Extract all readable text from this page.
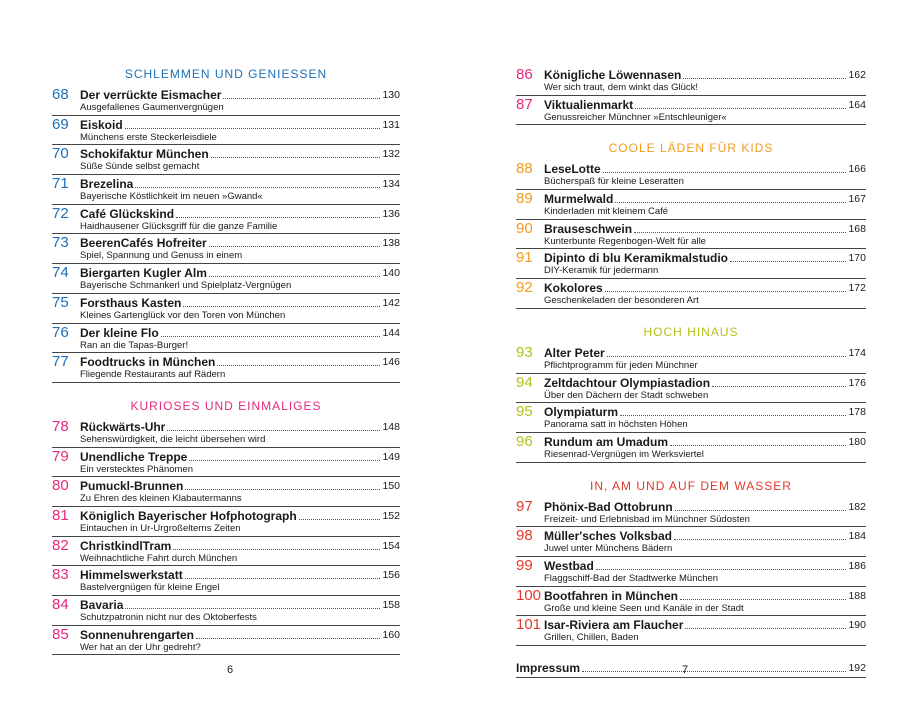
SCHLEMMEN UND GENIESSEN
68 Der verrückte Eismacher	130
Ausgefallenes Gaumenvergnügen
69 Eiskoid	131
Münchens erste Steckerleisdiele
70 Schokifaktur München	132
Süße Sünde selbst gemacht
71 Brezelina	134
Bayerische Köstlichkeit im neuen »Gwand«
72 Café Glückskind	136
Haidhausener Glücksgriff für die ganze Familie
73 BeerenCafés Hofreiter	138
Spiel, Spannung und Genuss in einem
74 Biergarten Kugler Alm	140
Bayerische Schmankerl und Spielplatz-Vergnügen
75 Forsthaus Kasten	142
Kleines Gartenglück vor den Toren von München
76 Der kleine Flo	144
Ran an die Tapas-Burger!
77 Foodtrucks in München	146
Fliegende Restaurants auf Rädern
KURIOSES UND EINMALIGES
78 Rückwärts-Uhr	148
Sehenswürdigkeit, die leicht übersehen wird
79 Unendliche Treppe	149
Ein verstecktes Phänomen
80 Pumuckl-Brunnen	150
Zu Ehren des kleinen Klabautermanns
81 Königlich Bayerischer Hofphotograph	152
Eintauchen in Ur-Urgroßelterns Zeiten
82 ChristkindlTram	154
Weihnachtliche Fahrt durch München
83 Himmelswerkstatt	156
Bastelvergnügen für kleine Engel
84 Bavaria	158
Schutzpatronin nicht nur des Oktoberfests
85 Sonnenuhrengarten	160
Wer hat an der Uhr gedreht?
86 Königliche Löwennasen	162
Wer sich traut, dem winkt das Glück!
87 Viktualienmarkt	164
Genussreicher Münchner »Entschleuniger«
COOLE LÄDEN FÜR KIDS
88 LeseLotte	166
Bücherspaß für kleine Leseratten
89 Murmelwald	167
Kinderladen mit kleinem Café
90 Brauseschwein	168
Kunterbunte Regenbogen-Welt für alle
91 Dipinto di blu Keramikmalstudio	170
DIY-Keramik für jedermann
92 Kokolores	172
Geschenkeladen der besonderen Art
HOCH HINAUS
93 Alter Peter	174
Pflichtprogramm für jeden Münchner
94 Zeltdachtour Olympiastadion	176
Über den Dächern der Stadt schweben
95 Olympiaturm	178
Panorama satt in höchsten Höhen
96 Rundum am Umadum	180
Riesenrad-Vergnügen im Werksviertel
IN, AM UND AUF DEM WASSER
97 Phönix-Bad Ottobrunn	182
Freizeit- und Erlebnisbad im Münchner Südosten
98 Müller'sches Volksbad	184
Juwel unter Münchens Bädern
99 Westbad	186
Flaggschiff-Bad der Stadtwerke München
100 Bootfahren in München	188
Große und kleine Seen und Kanäle in der Stadt
101 Isar-Riviera am Flaucher	190
Grillen, Chillen, Baden
Impressum	192
6	7
